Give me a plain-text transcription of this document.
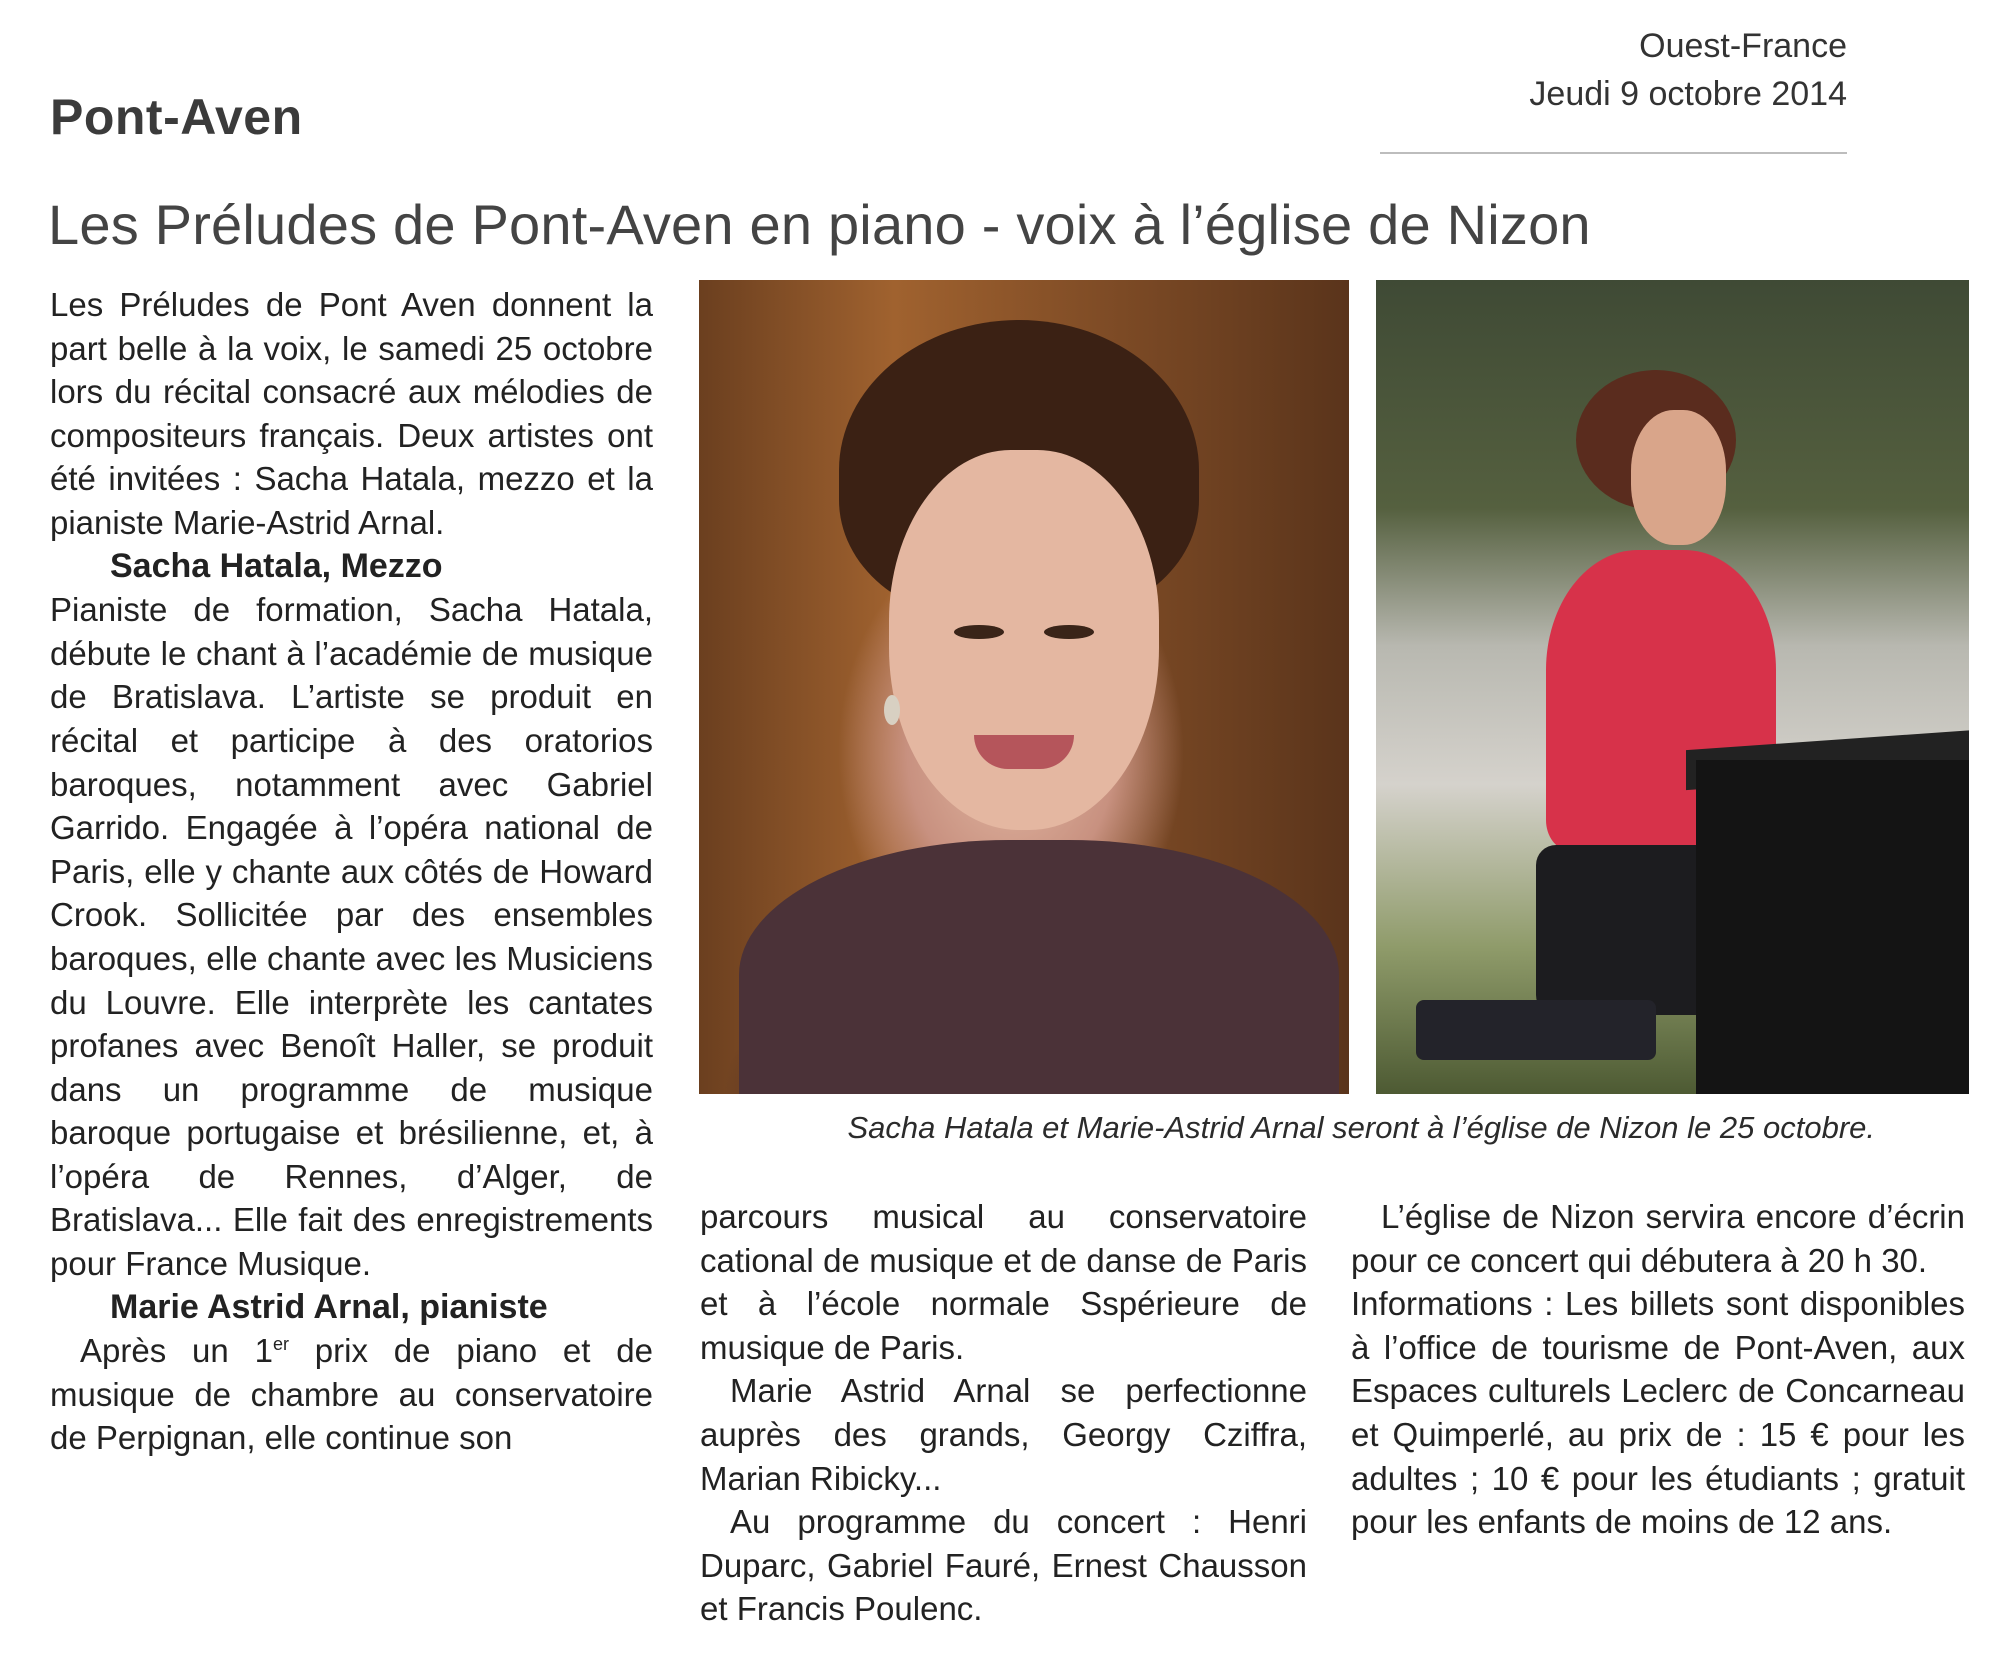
Pont-Aven
Ouest-France
Jeudi 9 octobre 2014
Les Préludes de Pont-Aven en piano - voix à l’église de Nizon

Les Préludes de Pont Aven donnent la part belle à la voix, le samedi 25 octobre lors du récital consacré aux mélodies de compositeurs français. Deux artistes ont été invitées : Sacha Hatala, mezzo et la pianiste Marie-Astrid Arnal.

Sacha Hatala, Mezzo

Pianiste de formation, Sacha Hatala, débute le chant à l’académie de musique de Bratislava. L’artiste se produit en récital et participe à des oratorios baroques, notamment avec Gabriel Garrido. Engagée à l’opéra national de Paris, elle y chante aux côtés de Howard Crook. Sollicitée par des ensembles baroques, elle chante avec les Musiciens du Louvre. Elle interprète les cantates profanes avec Benoît Haller, se produit dans un programme de musique baroque portugaise et brésilienne, et, à l’opéra de Rennes, d’Alger, de Bratislava... Elle fait des enregistrements pour France Musique.

Marie Astrid Arnal, pianiste

Après un 1er prix de piano et de musique de chambre au conservatoire de Perpignan, elle continue son

Sacha Hatala et Marie-Astrid Arnal seront à l’église de Nizon le 25 octobre.

parcours musical au conservatoire cational de musique et de danse de Paris et à l’école normale Sspérieure de musique de Paris.

Marie Astrid Arnal se perfectionne auprès des grands, Georgy Cziffra, Marian Ribicky...

Au programme du concert : Henri Duparc, Gabriel Fauré, Ernest Chausson et Francis Poulenc.

L’église de Nizon servira encore d’écrin pour ce concert qui débutera à 20 h 30.

Informations : Les billets sont disponibles à l’office de tourisme de Pont-Aven, aux Espaces culturels Leclerc de Concarneau et Quimperlé, au prix de : 15 € pour les adultes ; 10 € pour les étudiants ; gratuit pour les enfants de moins de 12 ans.
